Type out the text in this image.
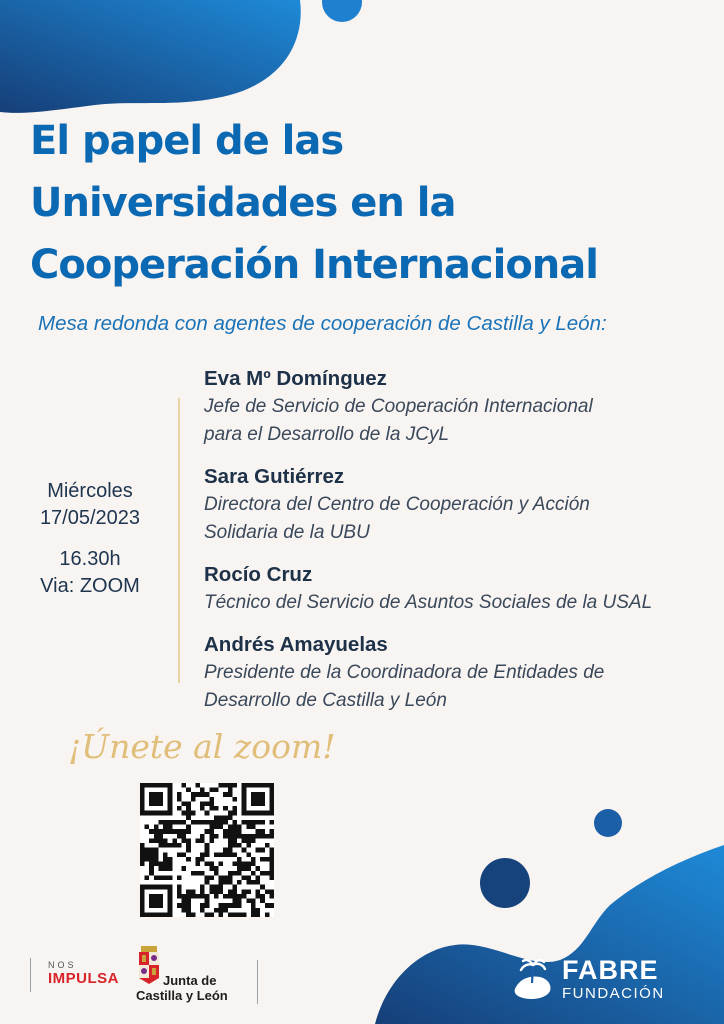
El papel de las
Universidades en la
Cooperación Internacional
Mesa redonda con agentes de cooperación de Castilla y León:
Miércoles
17/05/2023
16.30h
Via: ZOOM
Eva Mº Domínguez
Jefe de Servicio de Cooperación Internacional
para el Desarrollo de la JCyL
Sara Gutiérrez
Directora del Centro de Cooperación y Acción
Solidaria de la UBU
Rocío Cruz
Técnico del Servicio de Asuntos Sociales de la USAL
Andrés Amayuelas
Presidente de la Coordinadora de Entidades de
Desarrollo de Castilla y León
¡Únete al zoom!
NOS
IMPULSA	Junta de
Castilla y León
FABRE
FUNDACIÓN
